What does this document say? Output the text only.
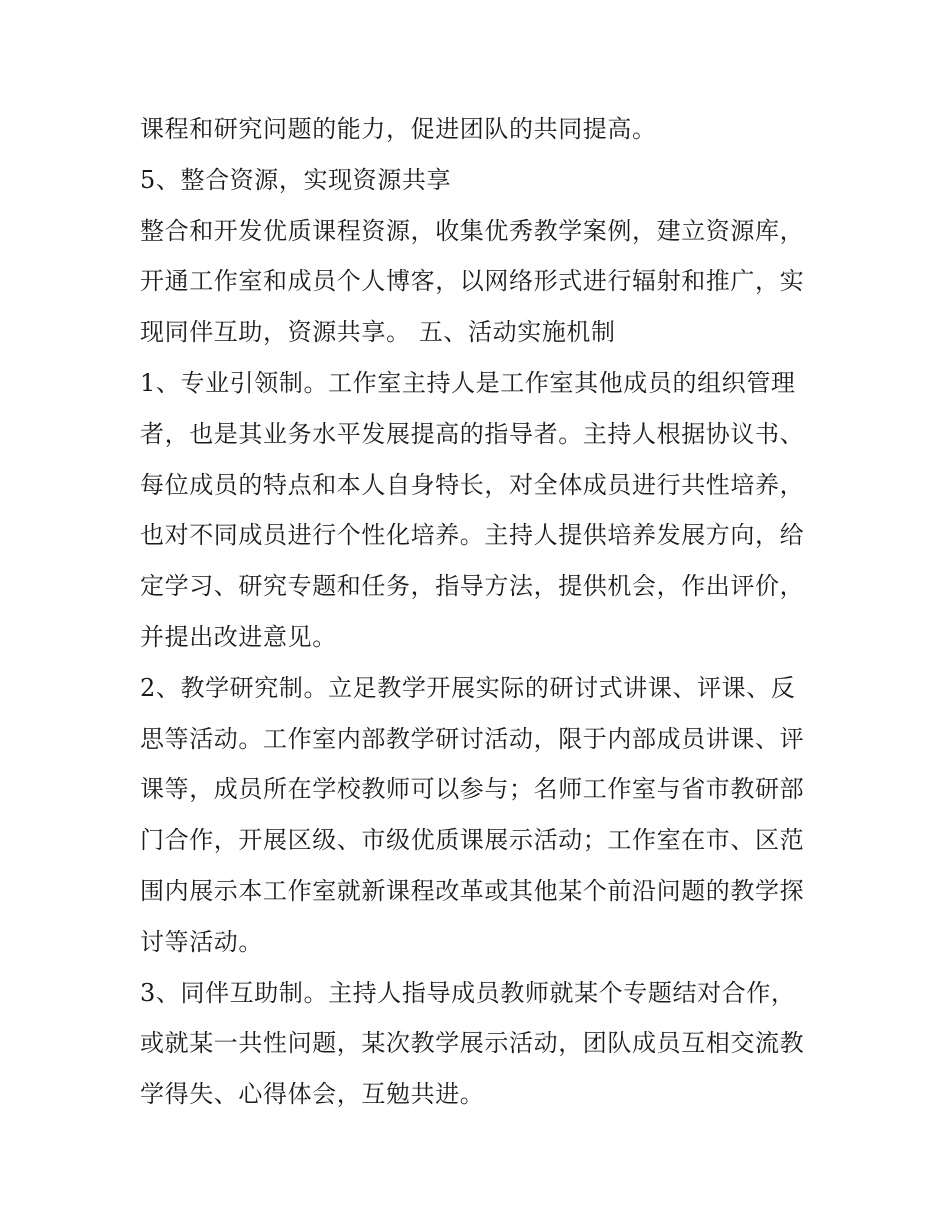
课程和研究问题的能力，促进团队的共同提高。
5、整合资源，实现资源共享
整合和开发优质课程资源，收集优秀教学案例，建立资源库，
开通工作室和成员个人博客，以网络形式进行辐射和推广，实
现同伴互助，资源共享。 五、活动实施机制
1、专业引领制。工作室主持人是工作室其他成员的组织管理
者，也是其业务水平发展提高的指导者。主持人根据协议书、
每位成员的特点和本人自身特长，对全体成员进行共性培养，
也对不同成员进行个性化培养。主持人提供培养发展方向，给
定学习、研究专题和任务，指导方法，提供机会，作出评价，
并提出改进意见。
2、教学研究制。立足教学开展实际的研讨式讲课、评课、反
思等活动。工作室内部教学研讨活动，限于内部成员讲课、评
课等，成员所在学校教师可以参与；名师工作室与省市教研部
门合作，开展区级、市级优质课展示活动；工作室在市、区范
围内展示本工作室就新课程改革或其他某个前沿问题的教学探
讨等活动。
3、同伴互助制。主持人指导成员教师就某个专题结对合作，
或就某一共性问题，某次教学展示活动，团队成员互相交流教
学得失、心得体会，互勉共进。
